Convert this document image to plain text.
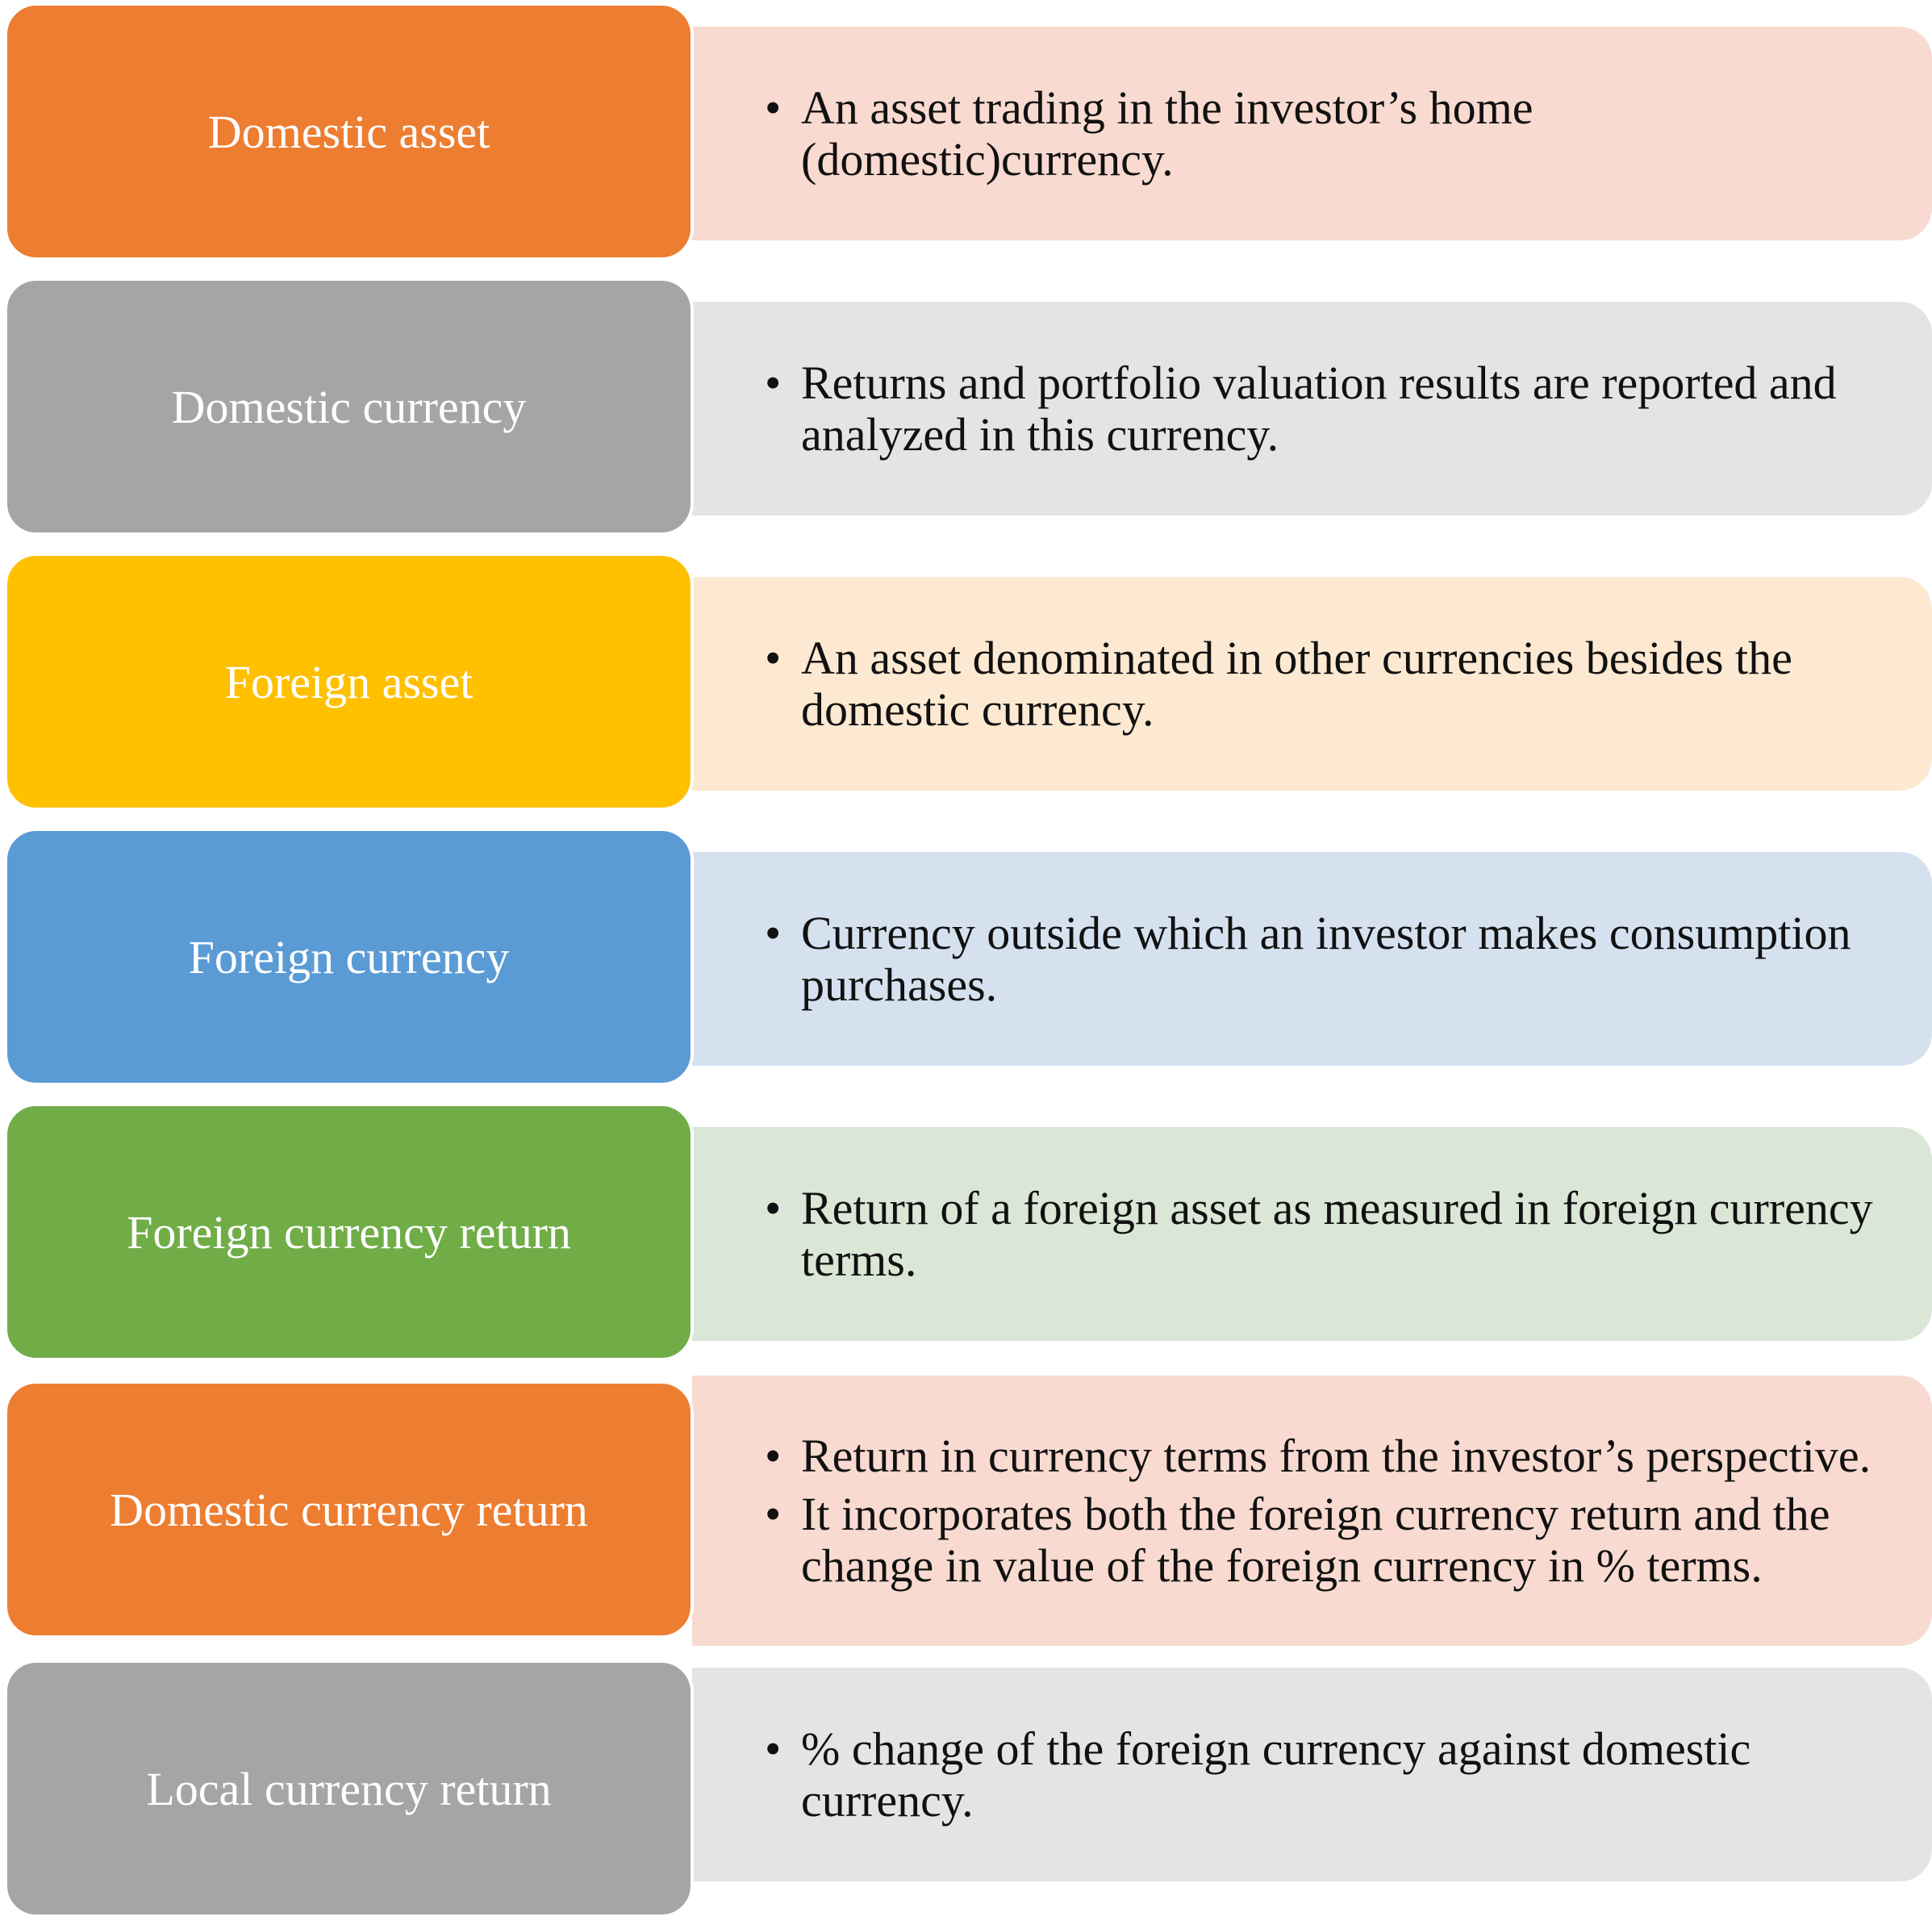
• An asset trading in the investor’s home (domestic)currency.
Domestic asset
• Returns and portfolio valuation results are reported and analyzed in this currency.
Domestic currency
• An asset denominated in other currencies besides the domestic currency.
Foreign asset
• Currency outside which an investor makes consumption purchases.
Foreign currency
• Return of a foreign asset as measured in foreign currency terms.
Foreign currency return
• Return in currency terms from the investor’s perspective.
• It incorporates both the foreign currency return and the change in value of the foreign currency in % terms.
Domestic currency return
• % change of the foreign currency against domestic currency.
Local currency return
